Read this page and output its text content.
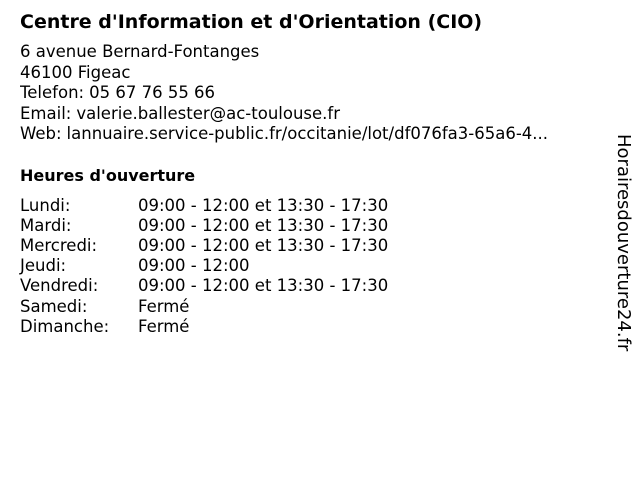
Centre d'Information et d'Orientation (CIO)
6 avenue Bernard-Fontanges
46100 Figeac
Telefon: 05 67 76 55 66
Email: valerie.ballester@ac-toulouse.fr
Web: lannuaire.service-public.fr/occitanie/lot/df076fa3-65a6-4...
Heures d'ouverture
Lundi:	09:00 - 12:00 et 13:30 - 17:30
Mardi:	09:00 - 12:00 et 13:30 - 17:30
Mercredi:	09:00 - 12:00 et 13:30 - 17:30
Jeudi:	09:00 - 12:00
Vendredi:	09:00 - 12:00 et 13:30 - 17:30
Samedi:	Fermé
Dimanche:	Fermé	Horairesdouverture24.fr
